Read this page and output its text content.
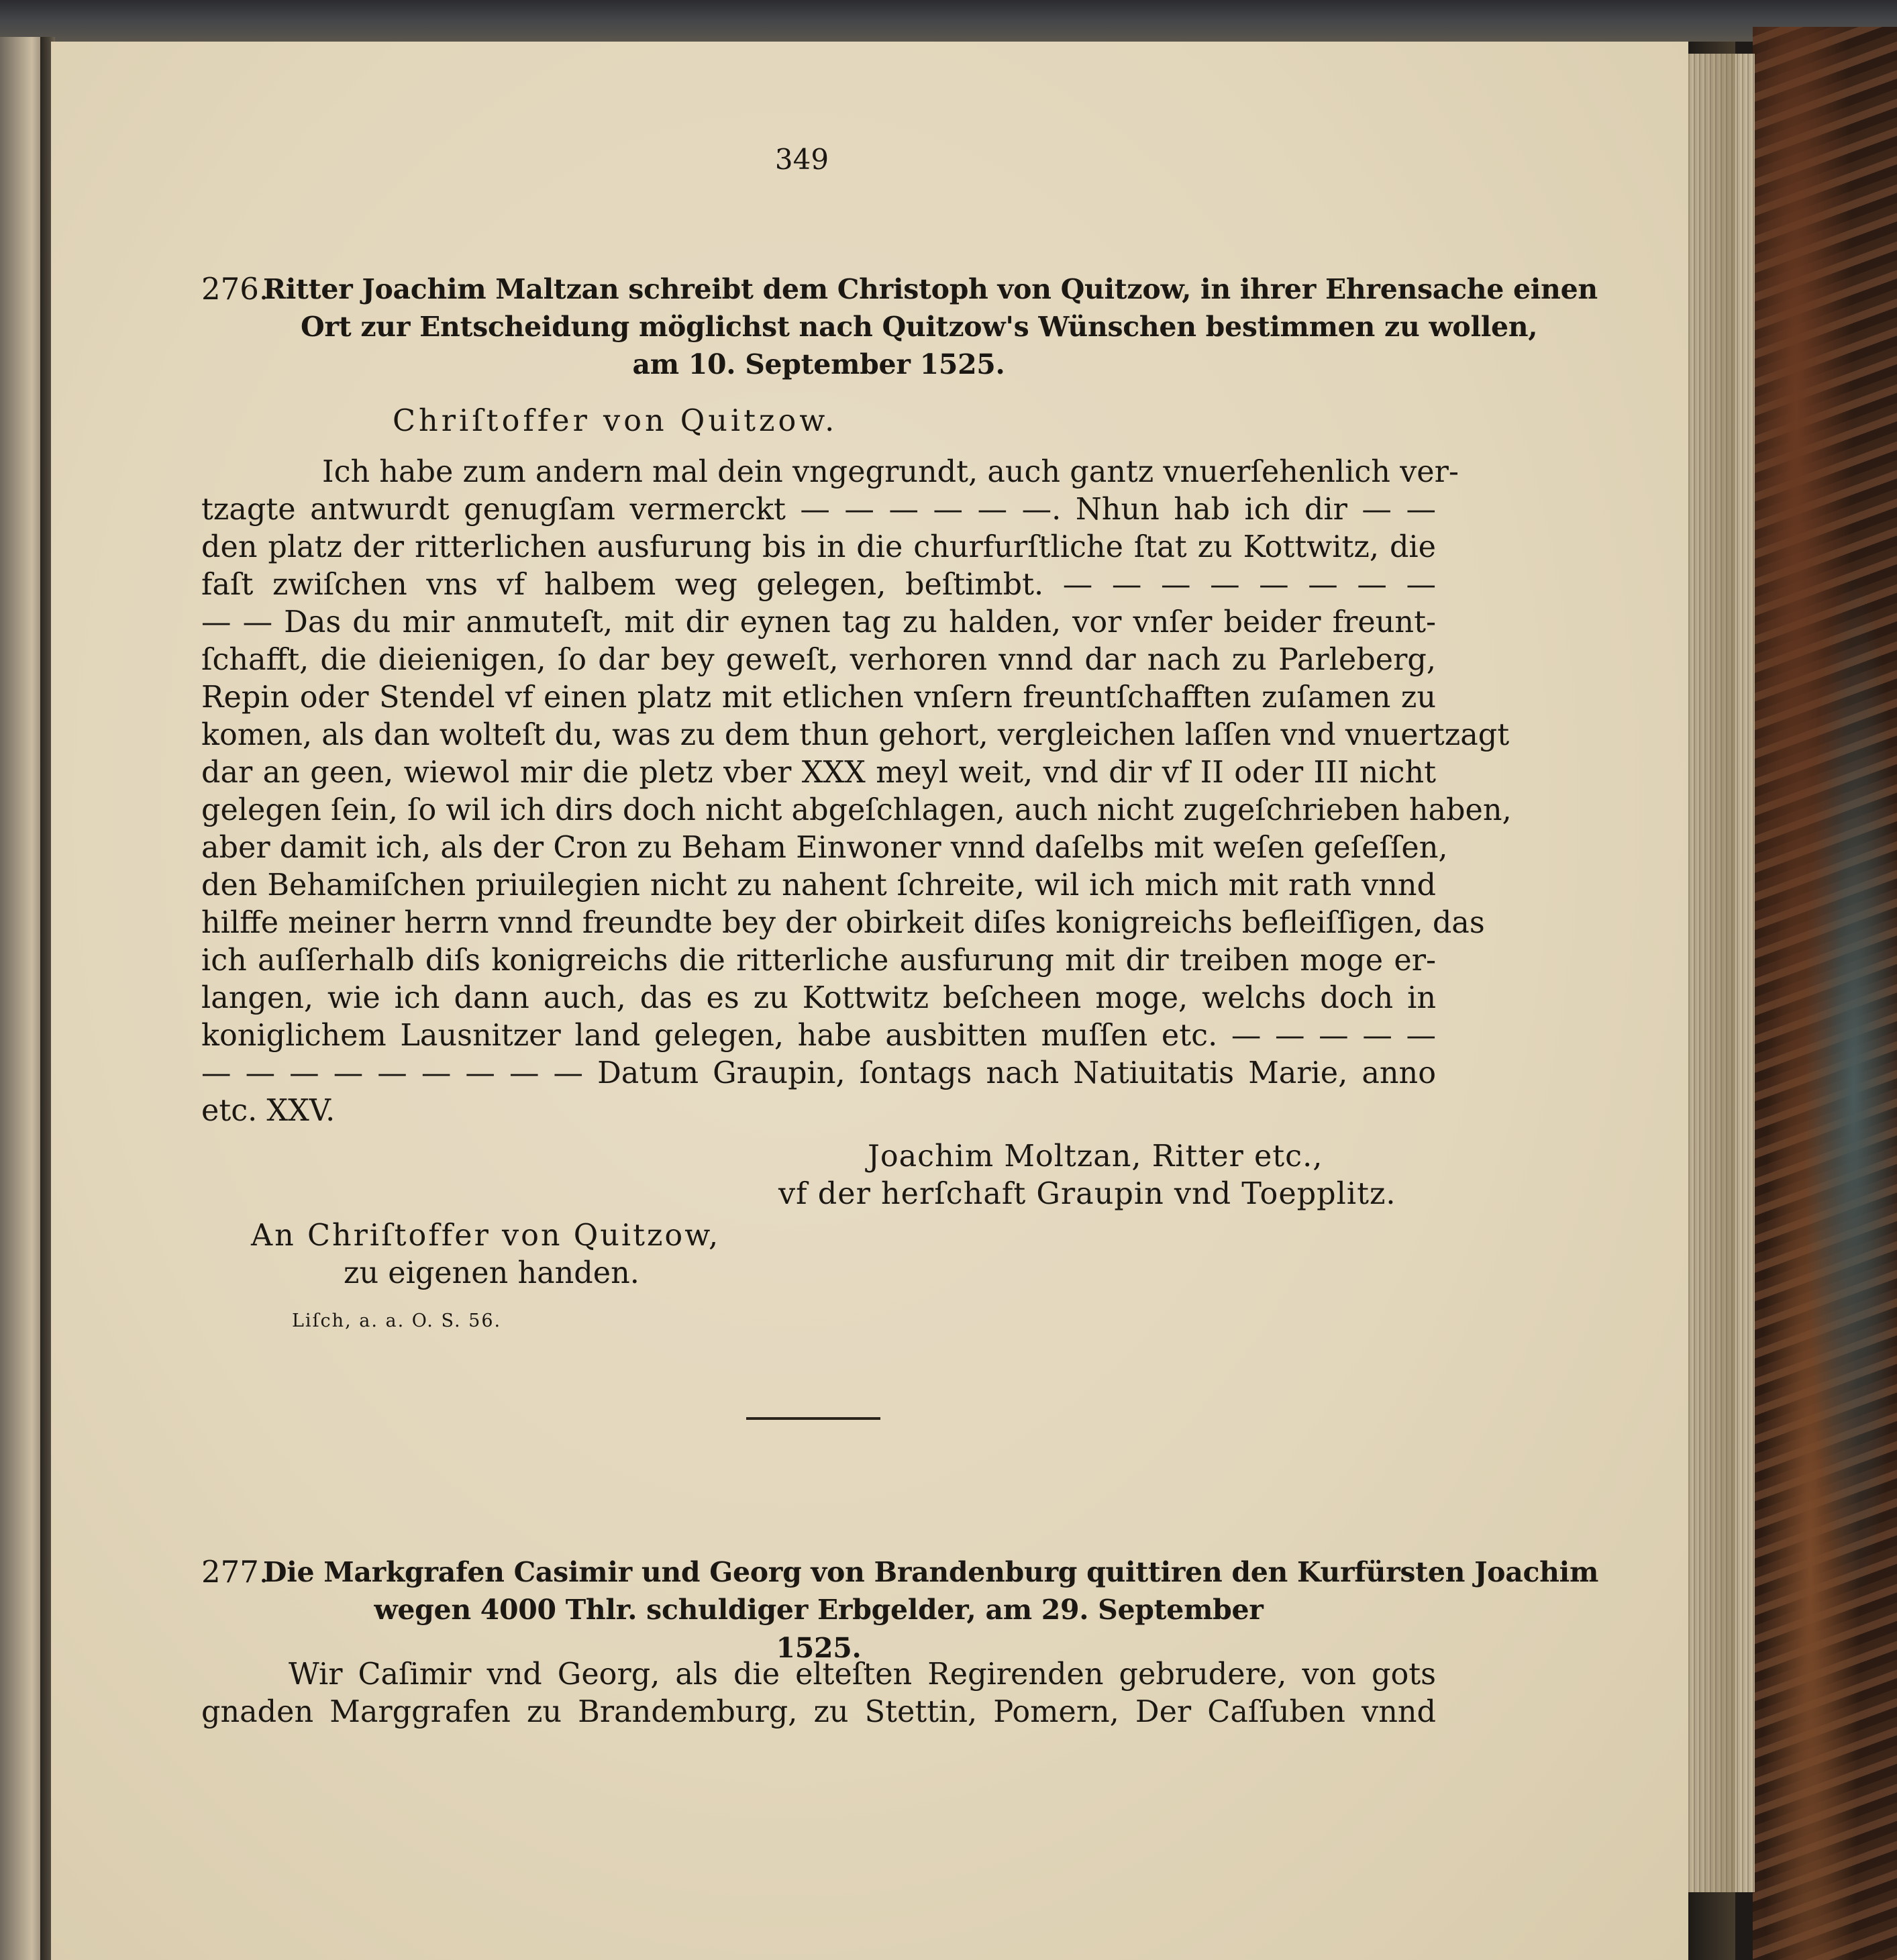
349
276.
Ritter Joachim Maltzan schreibt dem Christoph von Quitzow, in ihrer Ehrensache einen
Ort zur Entscheidung möglichst nach Quitzow's Wünschen bestimmen zu wollen,
am 10. September 1525.
Chriſtoffer von Quitzow.
Ich habe zum andern mal dein vngegrundt, auch gantz vnuerſehenlich ver-
tzagte antwurdt genugſam vermerckt — — — — — —. Nhun hab ich dir — —
den platz der ritterlichen ausfurung bis in die churfurſtliche ſtat zu Kottwitz, die
faſt zwiſchen vns vf halbem weg gelegen, beſtimbt. — — — — — — — —
— — Das du mir anmuteſt, mit dir eynen tag zu halden, vor vnſer beider freunt-
ſchafft, die dieienigen, ſo dar bey geweſt, verhoren vnnd dar nach zu Parleberg,
Repin oder Stendel vf einen platz mit etlichen vnſern freuntſchafften zuſamen zu
komen, als dan wolteſt du, was zu dem thun gehort, vergleichen laſſen vnd vnuertzagt
dar an geen, wiewol mir die pletz vber XXX meyl weit, vnd dir vf II oder III nicht
gelegen ſein, ſo wil ich dirs doch nicht abgeſchlagen, auch nicht zugeſchrieben haben,
aber damit ich, als der Cron zu Beham Einwoner vnnd daſelbs mit weſen geſeſſen,
den Behamiſchen priuilegien nicht zu nahent ſchreite, wil ich mich mit rath vnnd
hilffe meiner herrn vnnd freundte bey der obirkeit diſes konigreichs befleiſſigen, das
ich auſſerhalb diſs konigreichs die ritterliche ausfurung mit dir treiben moge er-
langen, wie ich dann auch, das es zu Kottwitz beſcheen moge, welchs doch in
koniglichem Lausnitzer land gelegen, habe ausbitten muſſen etc. — — — — —
— — — — — — — — — Datum Graupin, ſontags nach Natiuitatis Marie, anno
etc. XXV.
Joachim Moltzan, Ritter etc.,
vf der herſchaft Graupin vnd Toepplitz.
An Chriſtoffer von Quitzow,
zu eigenen handen.
Liſch, a. a. O. S. 56.
277.
Die Markgrafen Casimir und Georg von Brandenburg quittiren den Kurfürsten Joachim
wegen 4000 Thlr. schuldiger Erbgelder, am 29. September 1525.
Wir Caſimir vnd Georg, als die elteſten Regirenden gebrudere, von gots
gnaden Marggrafen zu Brandemburg, zu Stettin, Pomern, Der Caſſuben vnnd
